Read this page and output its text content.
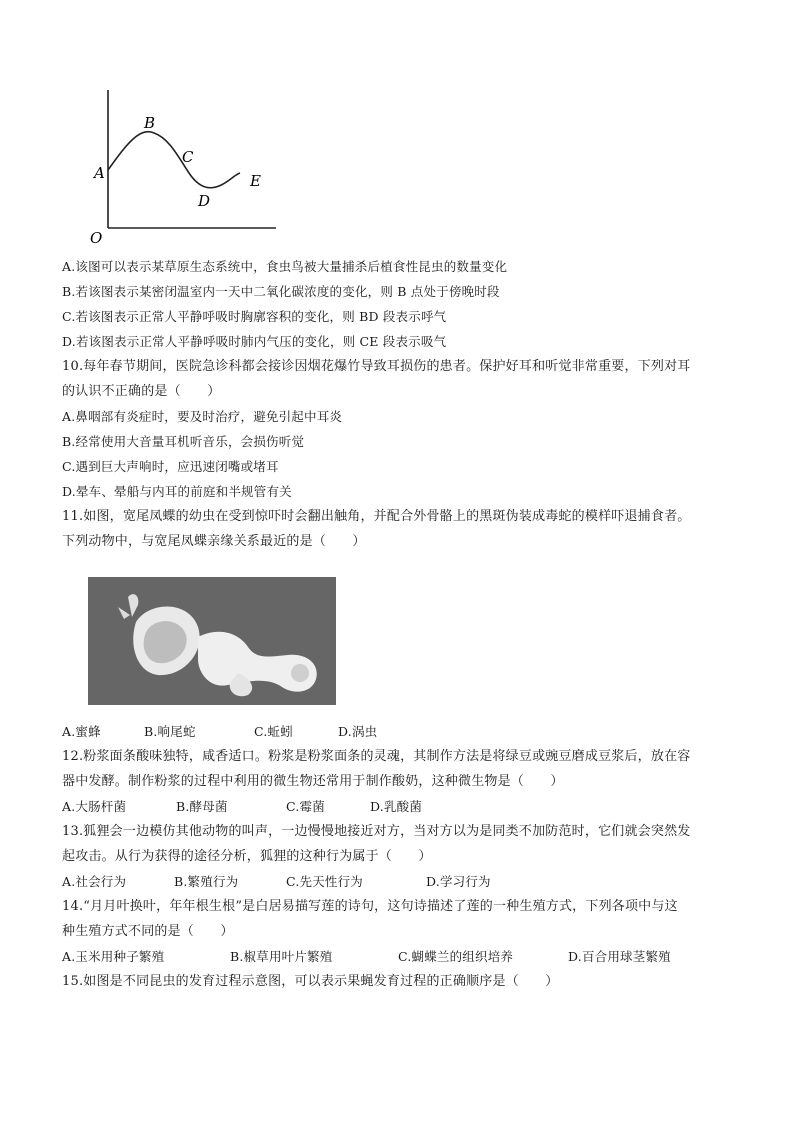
A
B
C
D
E
O
A.该图可以表示某草原生态系统中，食虫鸟被大量捕杀后植食性昆虫的数量变化
B.若该图表示某密闭温室内一天中二氧化碳浓度的变化，则 B 点处于傍晚时段
C.若该图表示正常人平静呼吸时胸廓容积的变化，则 BD 段表示呼气
D.若该图表示正常人平静呼吸时肺内气压的变化，则 CE 段表示吸气
10.每年春节期间，医院急诊科都会接诊因烟花爆竹导致耳损伤的患者。保护好耳和听觉非常重要，下列对耳
的认识不正确的是（　　）
A.鼻咽部有炎症时，要及时治疗，避免引起中耳炎
B.经常使用大音量耳机听音乐，会损伤听觉
C.遇到巨大声响时，应迅速闭嘴或堵耳
D.晕车、晕船与内耳的前庭和半规管有关
11.如图，宽尾凤蝶的幼虫在受到惊吓时会翻出触角，并配合外骨骼上的黑斑伪装成毒蛇的模样吓退捕食者。
下列动物中，与宽尾凤蝶亲缘关系最近的是（　　）
A.蜜蜂	B.响尾蛇	C.蚯蚓	D.涡虫
12.粉浆面条酸味独特，咸香适口。粉浆是粉浆面条的灵魂，其制作方法是将绿豆或豌豆磨成豆浆后，放在容
器中发酵。制作粉浆的过程中利用的微生物还常用于制作酸奶，这种微生物是（　　）
A.大肠杆菌	B.酵母菌	C.霉菌	D.乳酸菌
13.狐狸会一边模仿其他动物的叫声，一边慢慢地接近对方，当对方以为是同类不加防范时，它们就会突然发
起攻击。从行为获得的途径分析，狐狸的这种行为属于（　　）
A.社会行为	B.繁殖行为	C.先天性行为	D.学习行为
14.“月月叶换叶，年年根生根”是白居易描写莲的诗句，这句诗描述了莲的一种生殖方式，下列各项中与这
种生殖方式不同的是（　　）
A.玉米用种子繁殖	B.椒草用叶片繁殖	C.蝴蝶兰的组织培养	D.百合用球茎繁殖
15.如图是不同昆虫的发育过程示意图，可以表示果蝇发育过程的正确顺序是（　　）
